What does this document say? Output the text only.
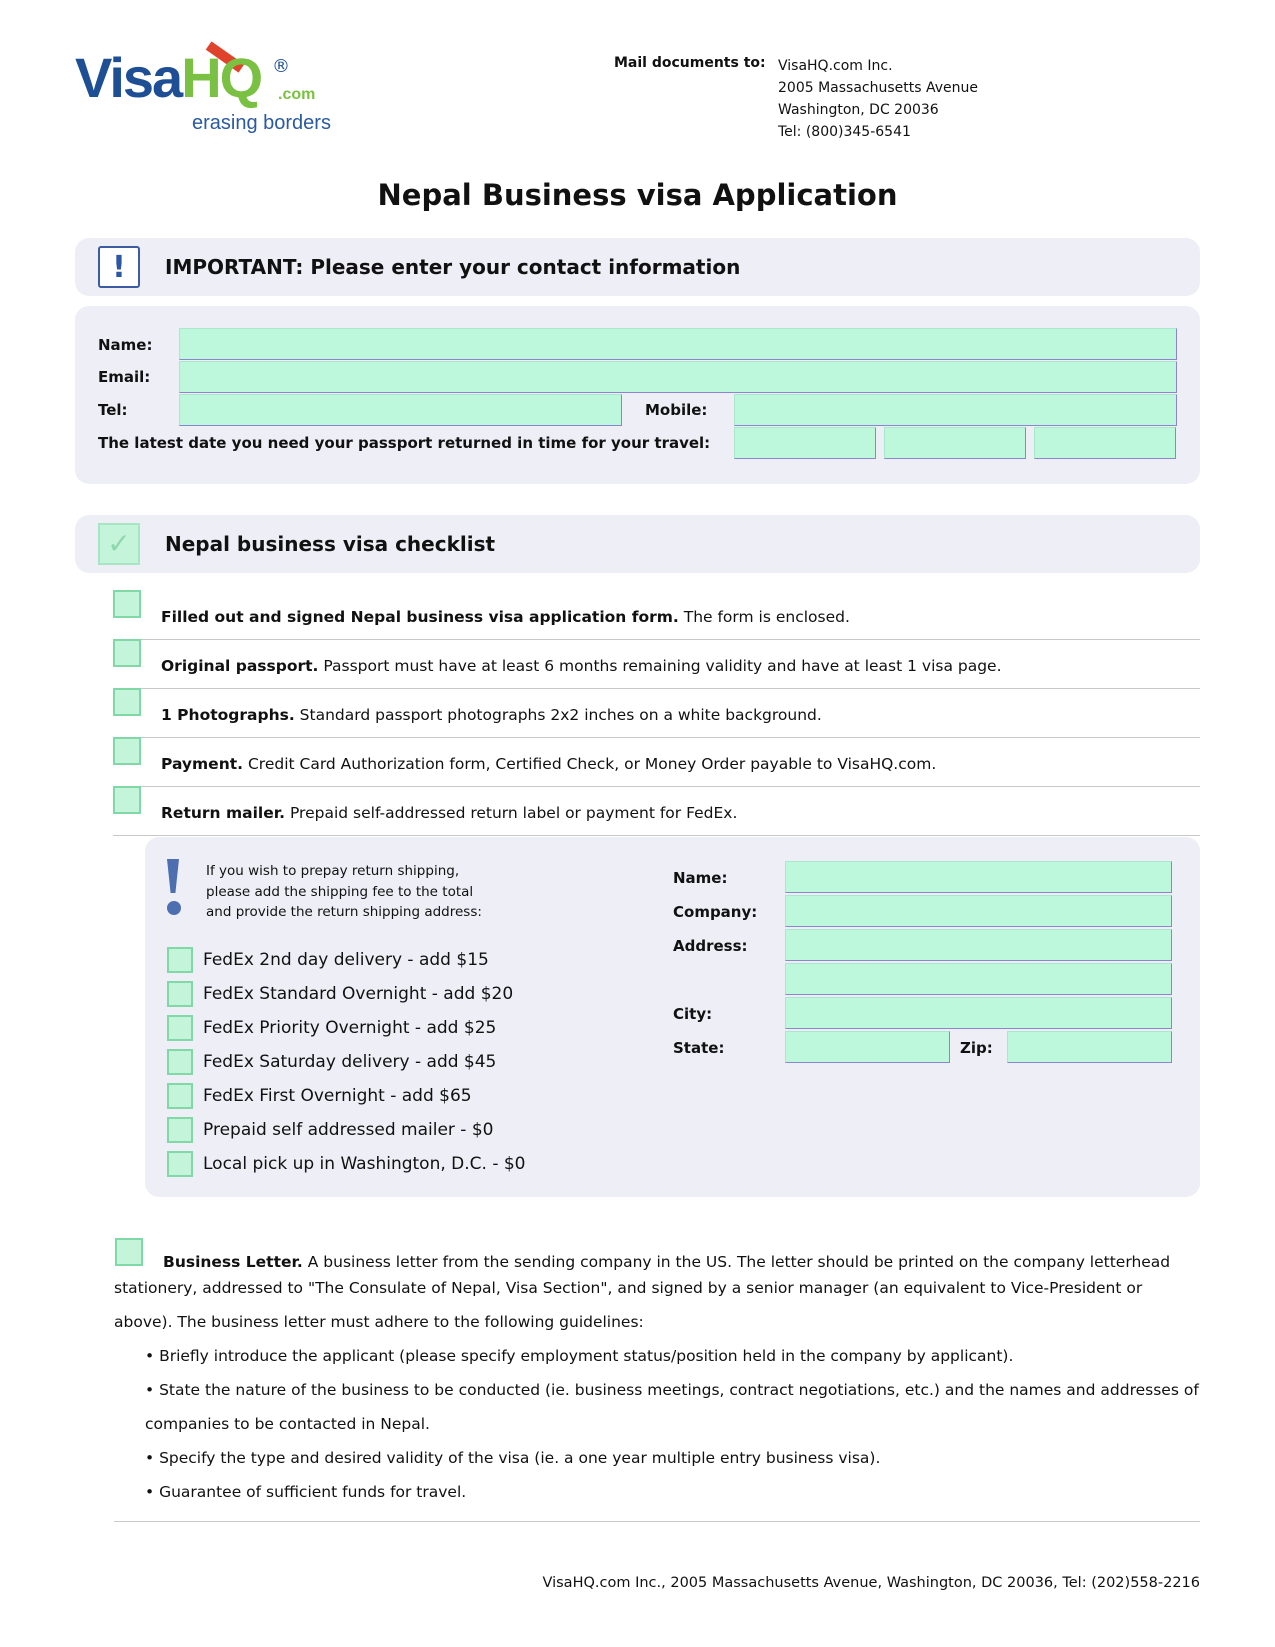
VisaHQ ®
.com
erasing borders
Mail documents to: VisaHQ.com Inc.
2005 Massachusetts Avenue
Washington, DC 20036
Tel: (800)345-6541
Nepal Business visa Application
!	IMPORTANT: Please enter your contact information
Name:
Email:
Tel:	Mobile:
The latest date you need your passport returned in time for your travel:
✓	Nepal business visa checklist
Filled out and signed Nepal business visa application form. The form is enclosed.
Original passport. Passport must have at least 6 months remaining validity and have at least 1 visa page.
1 Photographs. Standard passport photographs 2x2 inches on a white background.
Payment. Credit Card Authorization form, Certified Check, or Money Order payable to VisaHQ.com.
Return mailer. Prepaid self-addressed return label or payment for FedEx.
If you wish to prepay return shipping,
please add the shipping fee to the total
and provide the return shipping address:
FedEx 2nd day delivery - add $15
FedEx Standard Overnight - add $20
FedEx Priority Overnight - add $25
FedEx Saturday delivery - add $45
FedEx First Overnight - add $65
Prepaid self addressed mailer - $0
Local pick up in Washington, D.C. - $0
Name:
Company:
Address:
City:
State:	Zip:
Business Letter. A business letter from the sending company in the US. The letter should be printed on the company letterhead
stationery, addressed to "The Consulate of Nepal, Visa Section", and signed by a senior manager (an equivalent to Vice-President or
above). The business letter must adhere to the following guidelines:
• Briefly introduce the applicant (please specify employment status/position held in the company by applicant).
• State the nature of the business to be conducted (ie. business meetings, contract negotiations, etc.) and the names and addresses of
companies to be contacted in Nepal.
• Specify the type and desired validity of the visa (ie. a one year multiple entry business visa).
• Guarantee of sufficient funds for travel.
VisaHQ.com Inc., 2005 Massachusetts Avenue, Washington, DC 20036, Tel: (202)558-2216
